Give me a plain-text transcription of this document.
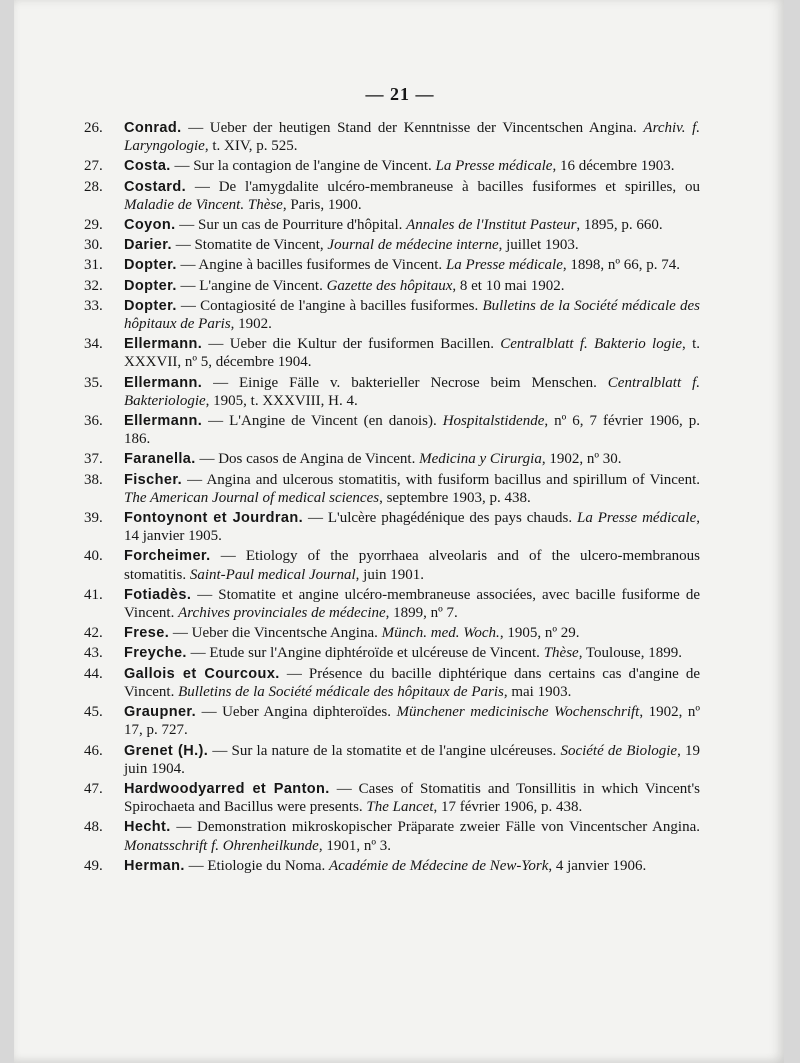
— 21 —
26.	Conrad. — Ueber der heutigen Stand der Kenntnisse der Vincentschen Angina. Archiv. f. Laryngologie, t. XIV, p. 525.
27.	Costa. — Sur la contagion de l'angine de Vincent. La Presse médicale, 16 décembre 1903.
28.	Costard. — De l'amygdalite ulcéro-membraneuse à bacilles fusiformes et spirilles, ou Maladie de Vincent. Thèse, Paris, 1900.
29.	Coyon. — Sur un cas de Pourriture d'hôpital. Annales de l'Institut Pasteur, 1895, p. 660.
30.	Darier. — Stomatite de Vincent, Journal de médecine interne, juillet 1903.
31.	Dopter. — Angine à bacilles fusiformes de Vincent. La Presse médicale, 1898, nº 66, p. 74.
32.	Dopter. — L'angine de Vincent. Gazette des hôpitaux, 8 et 10 mai 1902.
33.	Dopter. — Contagiosité de l'angine à bacilles fusiformes. Bulletins de la Société médicale des hôpitaux de Paris, 1902.
34.	Ellermann. — Ueber die Kultur der fusiformen Bacillen. Centralblatt f. Bakterio logie, t. XXXVII, nº 5, décembre 1904.
35.	Ellermann. — Einige Fälle v. bakterieller Necrose beim Menschen. Centralblatt f. Bakteriologie, 1905, t. XXXVIII, H. 4.
36.	Ellermann. — L'Angine de Vincent (en danois). Hospitalstidende, nº 6, 7 février 1906, p. 186.
37.	Faranella. — Dos casos de Angina de Vincent. Medicina y Cirurgia, 1902, nº 30.
38.	Fischer. — Angina and ulcerous stomatitis, with fusiform bacillus and spirillum of Vincent. The American Journal of medical sciences, septembre 1903, p. 438.
39.	Fontoynont et Jourdran. — L'ulcère phagédénique des pays chauds. La Presse médicale, 14 janvier 1905.
40.	Forcheimer. — Etiology of the pyorrhaea alveolaris and of the ulcero-membranous stomatitis. Saint-Paul medical Journal, juin 1901.
41.	Fotiadès. — Stomatite et angine ulcéro-membraneuse associées, avec bacille fusiforme de Vincent. Archives provinciales de médecine, 1899, nº 7.
42.	Frese. — Ueber die Vincentsche Angina. Münch. med. Woch., 1905, nº 29.
43.	Freyche. — Etude sur l'Angine diphtéroïde et ulcéreuse de Vincent. Thèse, Toulouse, 1899.
44.	Gallois et Courcoux. — Présence du bacille diphtérique dans certains cas d'angine de Vincent. Bulletins de la Société médicale des hôpitaux de Paris, mai 1903.
45.	Graupner. — Ueber Angina diphteroïdes. Münchener medicinische Wochenschrift, 1902, nº 17, p. 727.
46.	Grenet (H.). — Sur la nature de la stomatite et de l'angine ulcéreuses. Société de Biologie, 19 juin 1904.
47.	Hardwoodyarred et Panton. — Cases of Stomatitis and Tonsillitis in which Vincent's Spirochaeta and Bacillus were presents. The Lancet, 17 février 1906, p. 438.
48.	Hecht. — Demonstration mikroskopischer Präparate zweier Fälle von Vincentscher Angina. Monatsschrift f. Ohrenheilkunde, 1901, nº 3.
49.	Herman. — Etiologie du Noma. Académie de Médecine de New-York, 4 janvier 1906.
